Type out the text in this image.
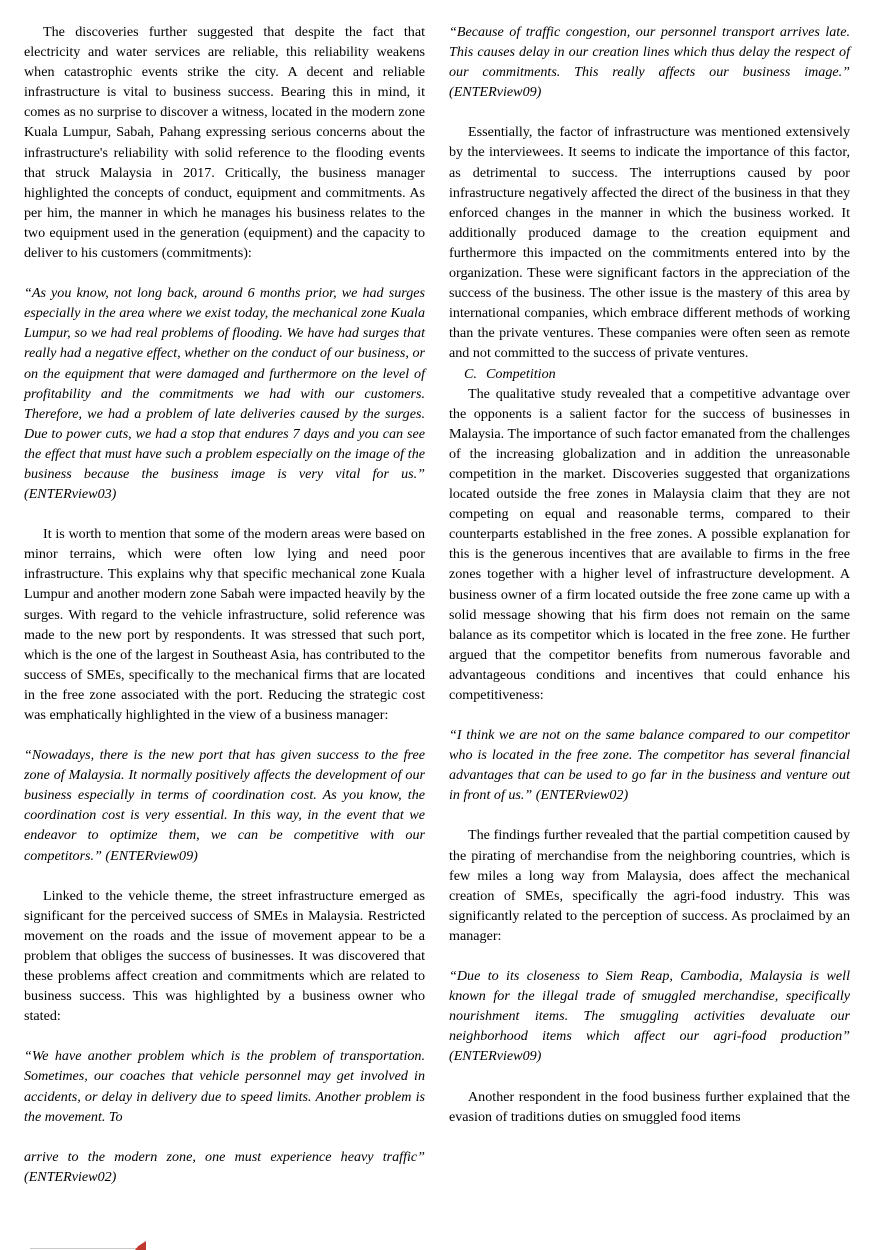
The discoveries further suggested that despite the fact that electricity and water services are reliable, this reliability weakens when catastrophic events strike the city. A decent and reliable infrastructure is vital to business success. Bearing this in mind, it comes as no surprise to discover a witness, located in the modern zone Kuala Lumpur, Sabah, Pahang expressing serious concerns about the infrastructure's reliability with solid reference to the flooding events that struck Malaysia in 2017. Critically, the business manager highlighted the concepts of conduct, equipment and commitments. As per him, the manner in which he manages his business relates to the two equipment used in the generation (equipment) and the capacity to deliver to his customers (commitments):

“As you know, not long back, around 6 months prior, we had surges especially in the area where we exist today, the mechanical zone Kuala Lumpur, so we had real problems of flooding. We have had surges that really had a negative effect, whether on the conduct of our business, or on the equipment that were damaged and furthermore on the level of profitability and the commitments we had with our customers. Therefore, we had a problem of late deliveries caused by the surges. Due to power cuts, we had a stop that endures 7 days and you can see the effect that must have such a problem especially on the image of the business because the business image is very vital for us.” (ENTERview03)

It is worth to mention that some of the modern areas were based on minor terrains, which were often low lying and need poor infrastructure. This explains why that specific mechanical zone Kuala Lumpur and another modern zone Sabah were impacted heavily by the surges. With regard to the vehicle infrastructure, solid reference was made to the new port by respondents. It was stressed that such port, which is the one of the largest in Southeast Asia, has contributed to the success of SMEs, specifically to the mechanical firms that are located in the free zone associated with the port. Reducing the strategic cost was emphatically highlighted in the view of a business manager:

“Nowadays, there is the new port that has given success to the free zone of Malaysia. It normally positively affects the development of our business especially in terms of coordination cost. As you know, the coordination cost is very essential. In this way, in the event that we endeavor to optimize them, we can be competitive with our competitors.” (ENTERview09)

Linked to the vehicle theme, the street infrastructure emerged as significant for the perceived success of SMEs in Malaysia. Restricted movement on the roads and the issue of movement appear to be a problem that obliges the success of businesses. It was discovered that these problems affect creation and commitments which are related to business success. This was highlighted by a business owner who stated:

“We have another problem which is the problem of transportation. Sometimes, our coaches that vehicle personnel may get involved in accidents, or delay in delivery due to speed limits. Another problem is the movement. To

arrive to the modern zone, one must experience heavy traffic” (ENTERview02)

“Because of traffic congestion, our personnel transport arrives late. This causes delay in our creation lines which thus delay the respect of our commitments. This really affects our business image.” (ENTERview09)

Essentially, the factor of infrastructure was mentioned extensively by the interviewees. It seems to indicate the importance of this factor, as detrimental to success. The interruptions caused by poor infrastructure negatively affected the direct of the business in that they enforced changes in the manner in which the business worked. It additionally produced damage to the creation equipment and furthermore this impacted on the commitments entered into by the organization. These were significant factors in the appreciation of the success of the business. The other issue is the mastery of this area by international companies, which embrace different methods of working than the private ventures. These companies were often seen as remote and not committed to the success of private ventures.

C. Competition

The qualitative study revealed that a competitive advantage over the opponents is a salient factor for the success of businesses in Malaysia. The importance of such factor emanated from the challenges of the increasing globalization and in addition the unreasonable competition in the market. Discoveries suggested that organizations located outside the free zones in Malaysia claim that they are not competing on equal and reasonable terms, compared to their counterparts established in the free zones. A possible explanation for this is the generous incentives that are available to firms in the free zones together with a higher level of infrastructure development. A business owner of a firm located outside the free zone came up with a solid message showing that his firm does not remain on the same balance as its competitor which is located in the free zone. He further argued that the competitor benefits from numerous favorable and advantageous conditions and incentives that could enhance his competitiveness:

“I think we are not on the same balance compared to our competitor who is located in the free zone. The competitor has several financial advantages that can be used to go far in the business and venture out in front of us.” (ENTERview02)

The findings further revealed that the partial competition caused by the pirating of merchandise from the neighboring countries, which is few miles a long way from Malaysia, does affect the mechanical creation of SMEs, specifically the agri-food industry. This was significantly related to the perception of success. As proclaimed by an manager:

“Due to its closeness to Siem Reap, Cambodia, Malaysia is well known for the illegal trade of smuggled merchandise, specifically nourishment items. The smuggling activities devaluate our neighborhood items which affect our agri-food production” (ENTERview09)

Another respondent in the food business further explained that the evasion of traditions duties on smuggled food items
